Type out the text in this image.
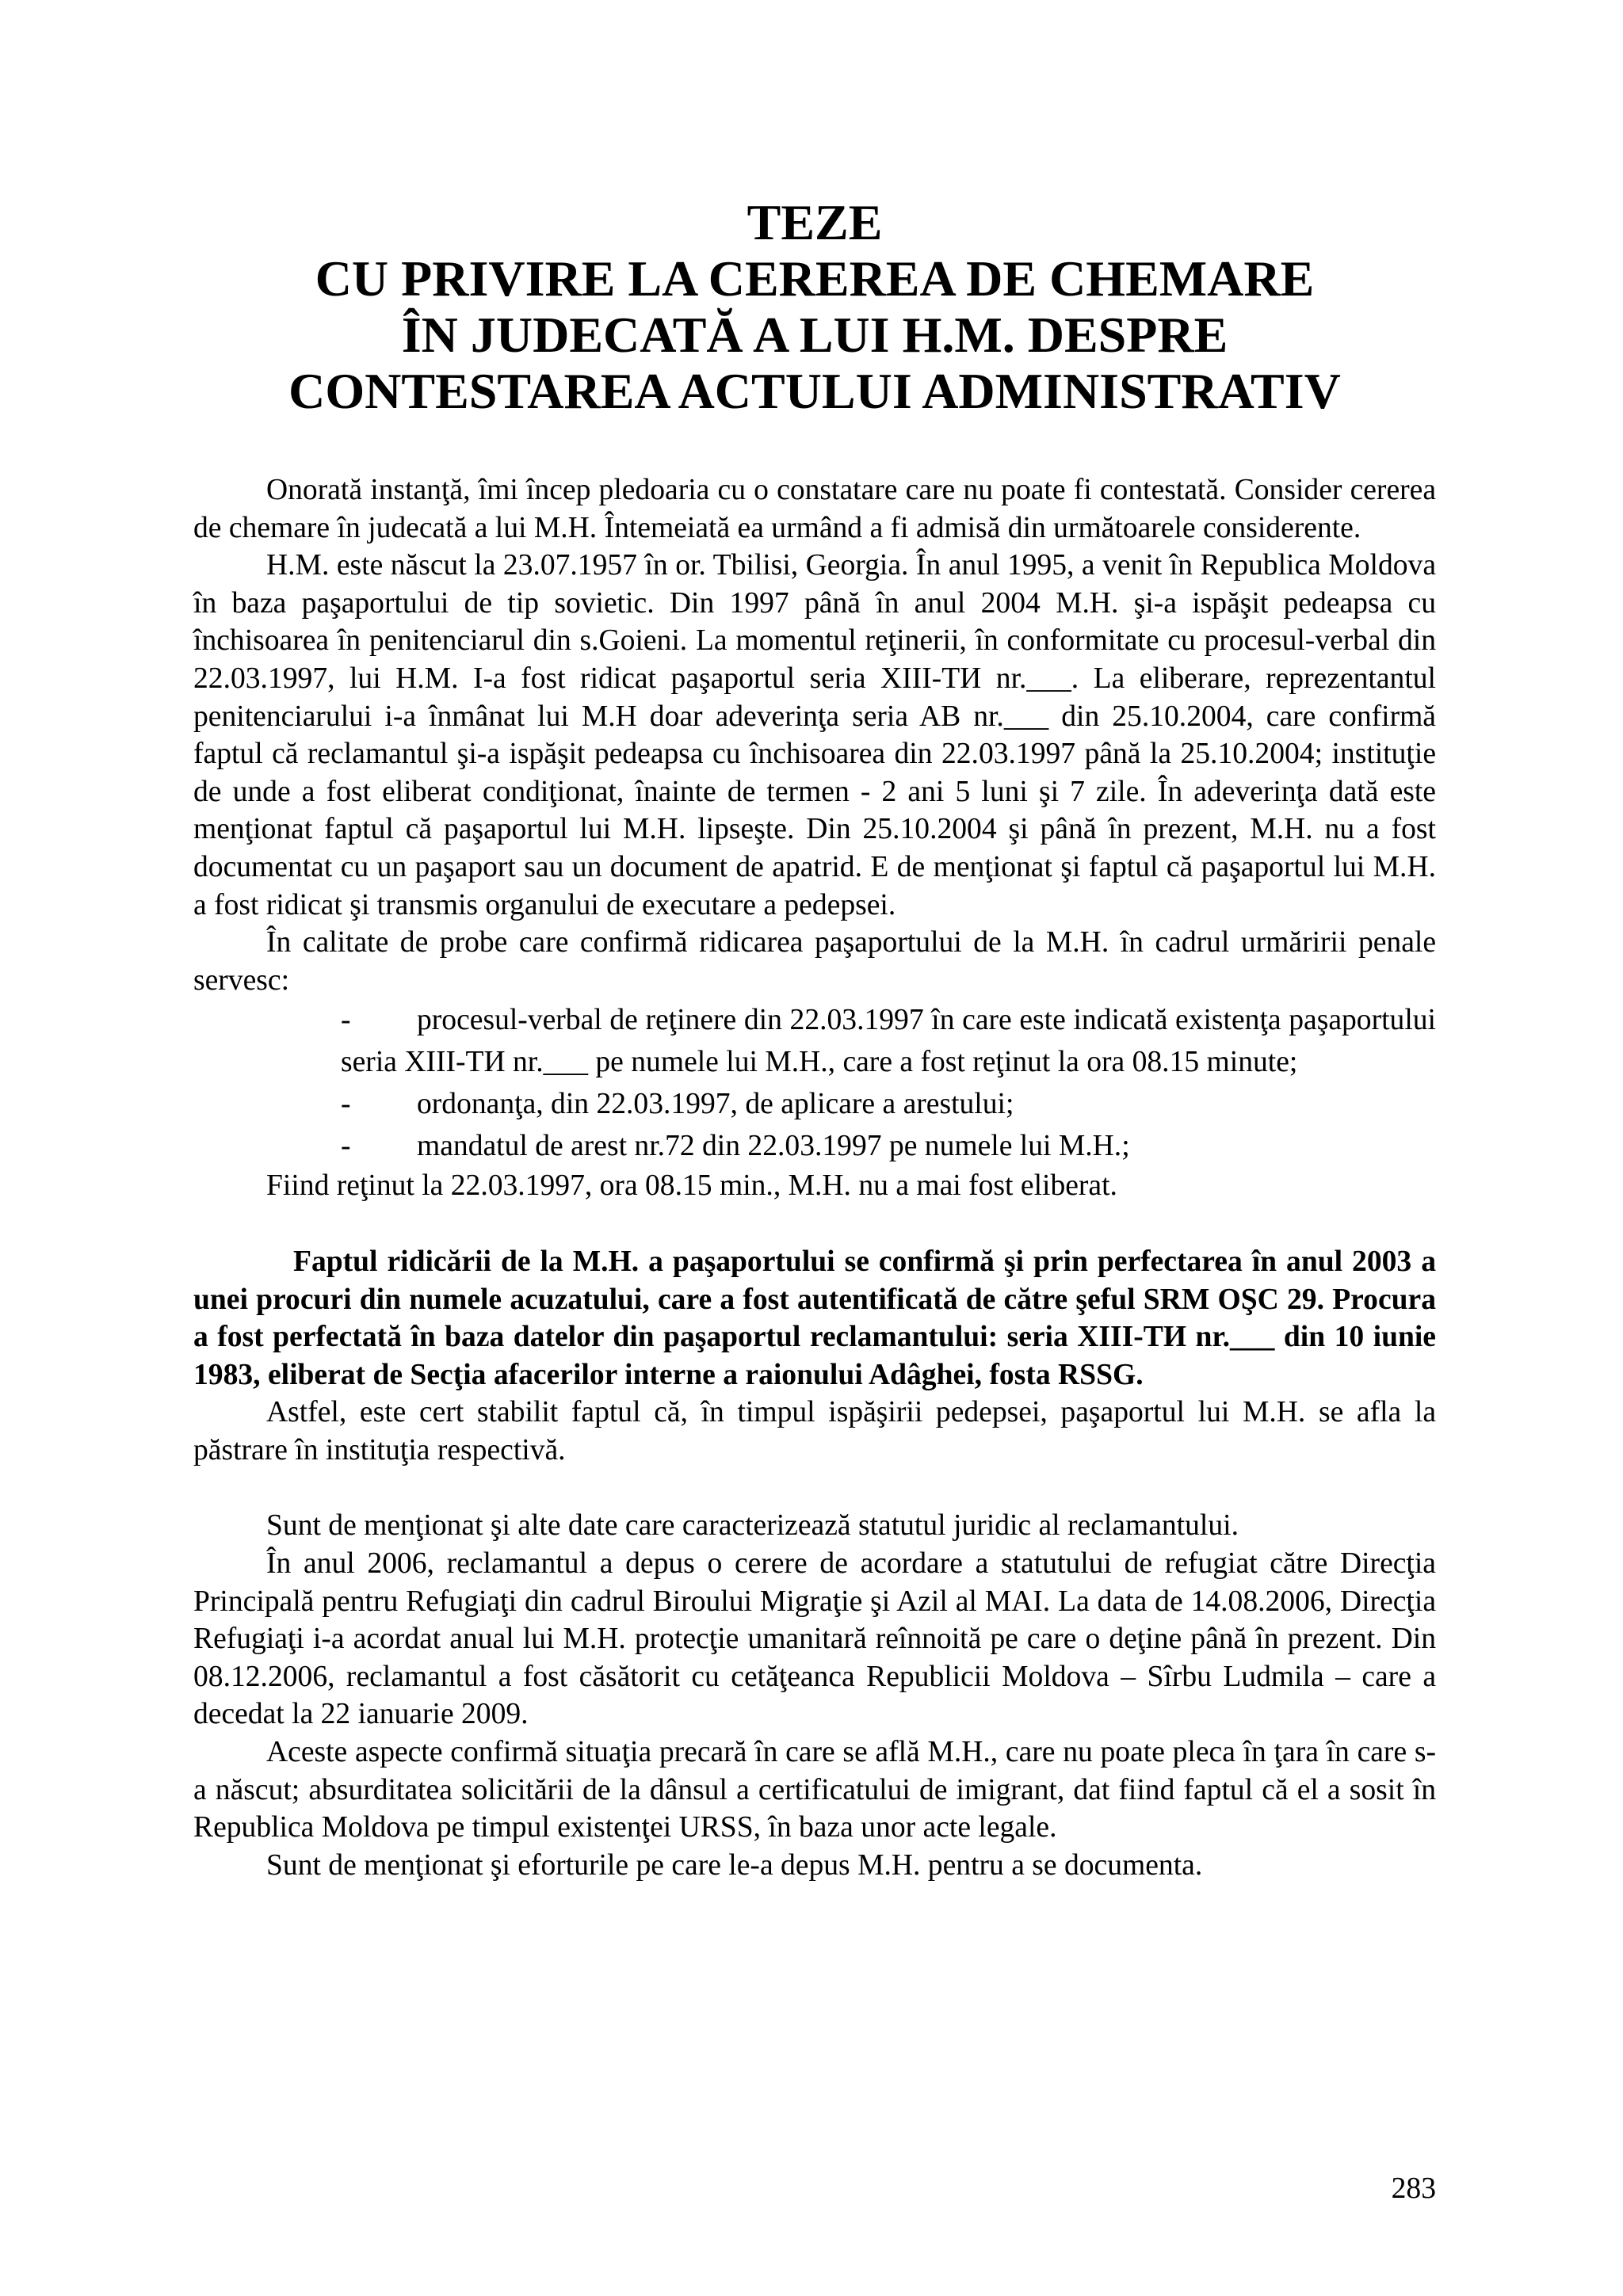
TEZE
CU PRIVIRE LA CEREREA DE CHEMARE
ÎN JUDECATĂ A LUI H.M. DESPRE
CONTESTAREA ACTULUI ADMINISTRATIV

Onorată instanţă, îmi încep pledoaria cu o constatare care nu poate fi contestată. Consider cererea de chemare în judecată a lui M.H. Întemeiată ea urmând a fi admisă din următoarele considerente.

H.M. este născut la 23.07.1957 în or. Tbilisi, Georgia. În anul 1995, a venit în Republica Moldova în baza paşaportului de tip sovietic. Din 1997 până în anul 2004 M.H. şi-a ispăşit pedeapsa cu închisoarea în penitenciarul din s.Goieni. La momentul reţinerii, în conformitate cu procesul-verbal din 22.03.1997, lui H.M. I-a fost ridicat paşaportul seria XIII-ТИ nr.___. La eliberare, reprezentantul penitenciarului i-a înmânat lui M.H doar adeverinţa seria AB nr.___ din 25.10.2004, care confirmă faptul că reclamantul şi-a ispăşit pedeapsa cu închisoarea din 22.03.1997 până la 25.10.2004; instituţie de unde a fost eliberat condiţionat, înainte de termen - 2 ani 5 luni şi 7 zile. În adeverinţa dată este menţionat faptul că paşaportul lui M.H. lipseşte. Din 25.10.2004 şi până în prezent, M.H. nu a fost documentat cu un paşaport sau un document de apatrid. E de menţionat şi faptul că paşaportul lui M.H. a fost ridicat şi transmis organului de executare a pedepsei.

În calitate de probe care confirmă ridicarea paşaportului de la M.H. în cadrul urmăririi penale servesc:

-	procesul-verbal de reţinere din 22.03.1997 în care este indicată existenţa paşaportului seria XIII-ТИ nr.___ pe numele lui M.H., care a fost reţinut la ora 08.15 minute;
-	ordonanţa, din 22.03.1997, de aplicare a arestului;
-	mandatul de arest nr.72 din 22.03.1997 pe numele lui M.H.;

Fiind reţinut la 22.03.1997, ora 08.15 min., M.H. nu a mai fost eliberat.

Faptul ridicării de la M.H. a paşaportului se confirmă şi prin perfectarea în anul 2003 a unei procuri din numele acuzatului, care a fost autentificată de către şeful SRM OŞC 29. Procura a fost perfectată în baza datelor din paşaportul reclamantului: seria XIII-ТИ nr.___ din 10 iunie 1983, eliberat de Secţia afacerilor interne a raionului Adâghei, fosta RSSG.

Astfel, este cert stabilit faptul că, în timpul ispăşirii pedepsei, paşaportul lui M.H. se afla la păstrare în instituţia respectivă.

Sunt de menţionat şi alte date care caracterizează statutul juridic al reclamantului.

În anul 2006, reclamantul a depus o cerere de acordare a statutului de refugiat către Direcţia Principală pentru Refugiaţi din cadrul Biroului Migraţie şi Azil al MAI. La data de 14.08.2006, Direcţia Refugiaţi i-a acordat anual lui M.H. protecţie umanitară reînnoită pe care o deţine până în prezent. Din 08.12.2006, reclamantul a fost căsătorit cu cetăţeanca Republicii Moldova – Sîrbu Ludmila – care a decedat la 22 ianuarie 2009.

Aceste aspecte confirmă situaţia precară în care se află M.H., care nu poate pleca în ţara în care s-a născut; absurditatea solicitării de la dânsul a certificatului de imigrant, dat fiind faptul că el a sosit în Republica Moldova pe timpul existenţei URSS, în baza unor acte legale.

Sunt de menţionat şi eforturile pe care le-a depus M.H. pentru a se documenta.

283
